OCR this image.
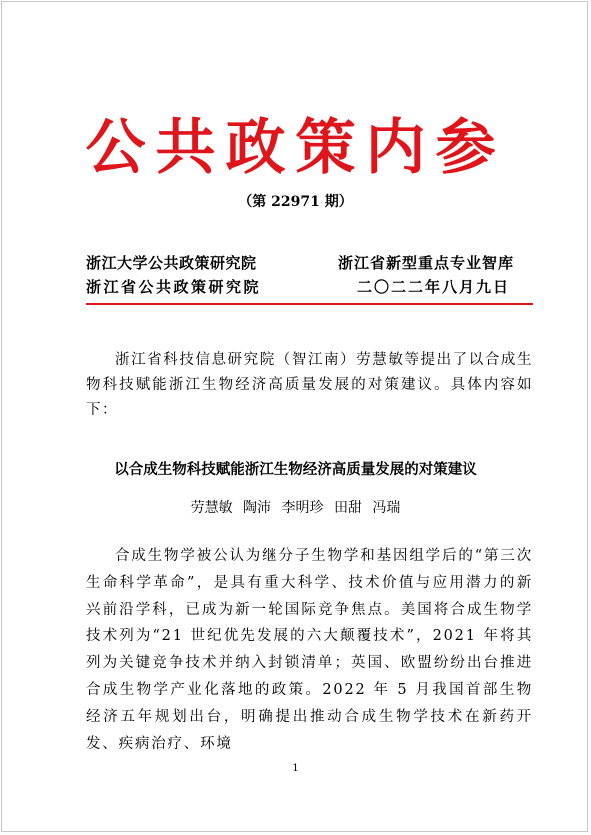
公共政策内参
（第 22971 期）
浙江大学公共政策研究院
浙江省公共政策研究院
浙江省新型重点专业智库
二〇二二年八月九日

浙江省科技信息研究院（智江南）劳慧敏等提出了以合成生物科技赋能浙江生物经济高质量发展的对策建议。具体内容如下：

以合成生物科技赋能浙江生物经济高质量发展的对策建议
劳慧敏 陶沛 李明珍 田甜 冯瑞

合成生物学被公认为继分子生物学和基因组学后的“第三次生命科学革命”，是具有重大科学、技术价值与应用潜力的新兴前沿学科，已成为新一轮国际竞争焦点。美国将合成生物学技术列为“21 世纪优先发展的六大颠覆技术”，2021 年将其列为关键竞争技术并纳入封锁清单；英国、欧盟纷纷出台推进合成生物学产业化落地的政策。2022 年 5 月我国首部生物经济五年规划出台，明确提出推动合成生物学技术在新药开发、疾病治疗、环境

1
